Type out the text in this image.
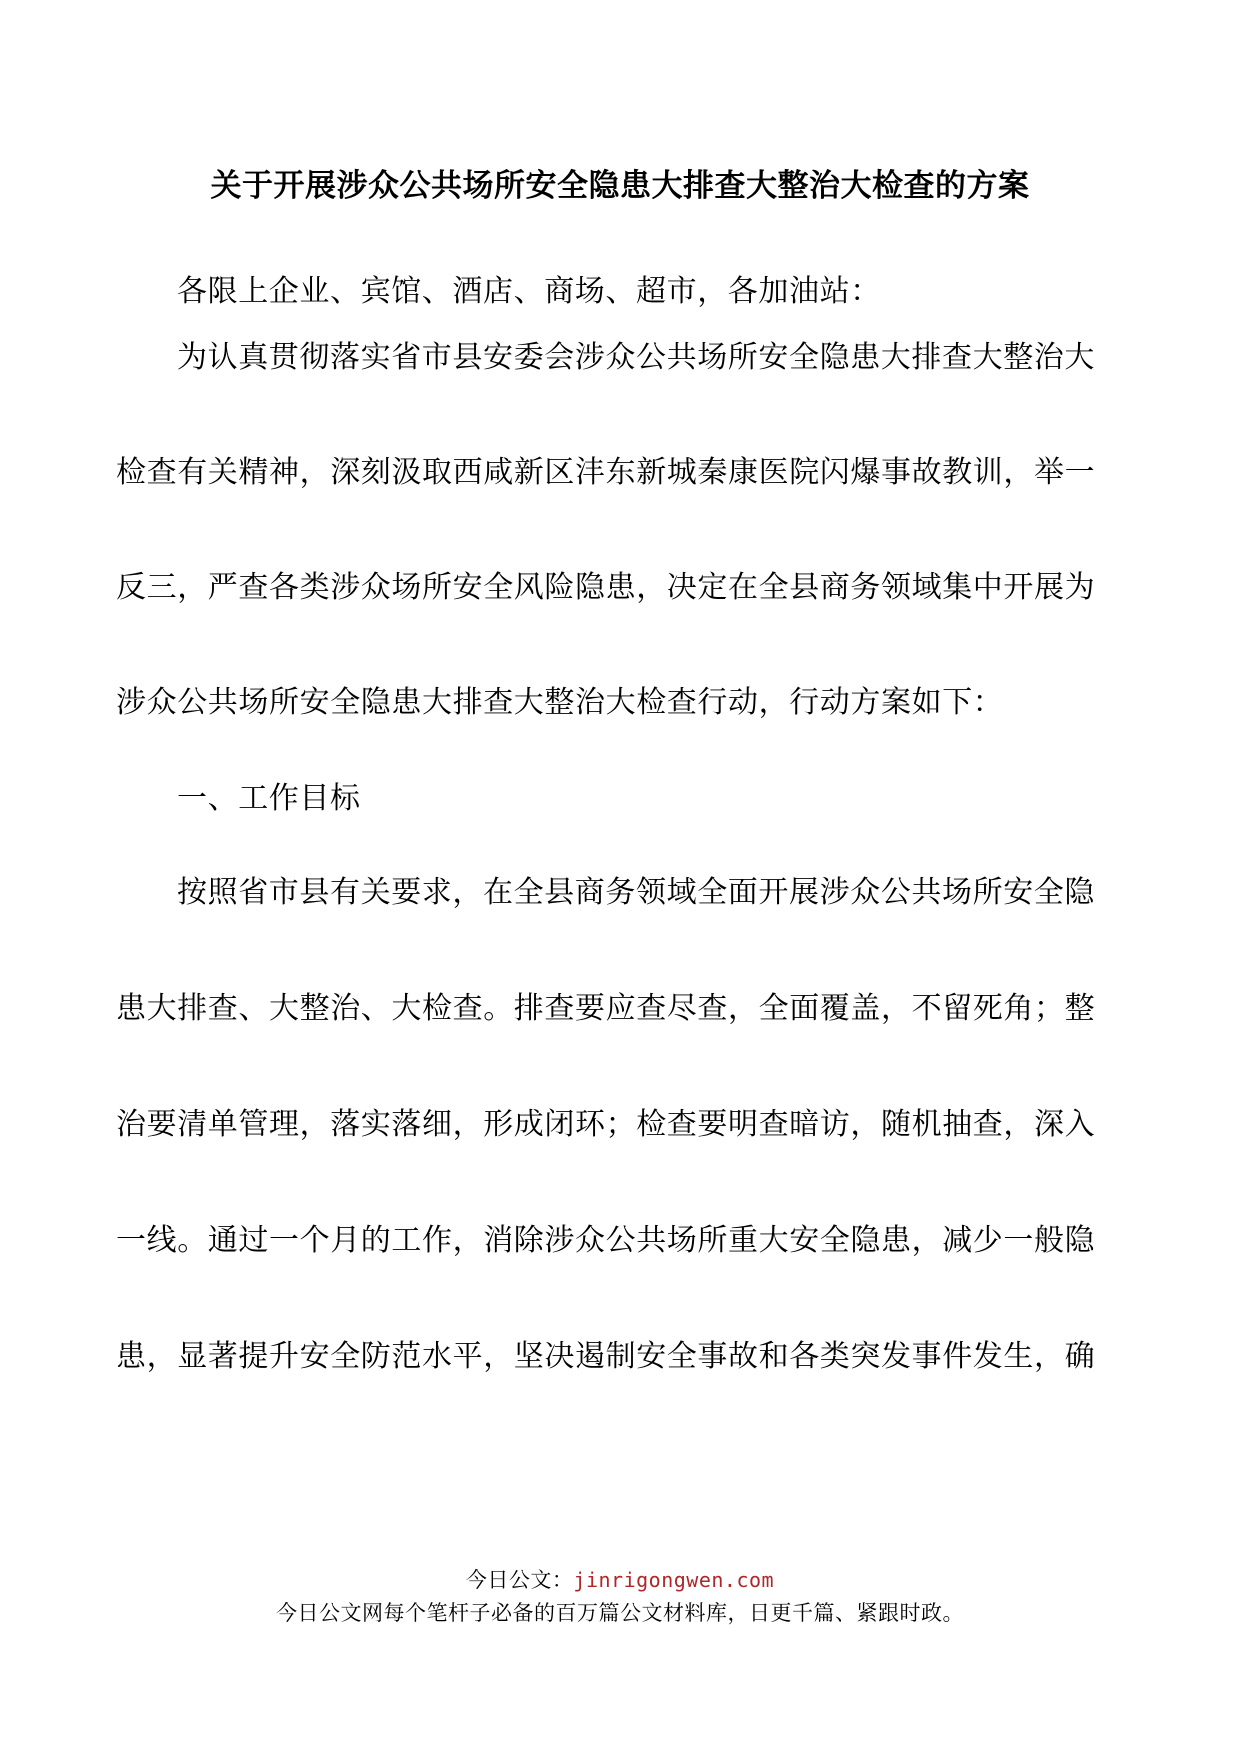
关于开展涉众公共场所安全隐患大排查大整治大检查的方案
各限上企业、宾馆、酒店、商场、超市，各加油站：
为认真贯彻落实省市县安委会涉众公共场所安全隐患大排查大整治大
检查有关精神，深刻汲取西咸新区沣东新城秦康医院闪爆事故教训，举一
反三，严查各类涉众场所安全风险隐患，决定在全县商务领域集中开展为
涉众公共场所安全隐患大排查大整治大检查行动，行动方案如下：
一、工作目标
按照省市县有关要求，在全县商务领域全面开展涉众公共场所安全隐
患大排查、大整治、大检查。排查要应查尽查，全面覆盖，不留死角；整
治要清单管理，落实落细，形成闭环；检查要明查暗访，随机抽查，深入
一线。通过一个月的工作，消除涉众公共场所重大安全隐患，减少一般隐
患，显著提升安全防范水平，坚决遏制安全事故和各类突发事件发生，确
今日公文：jinrigongwen.com
今日公文网每个笔杆子必备的百万篇公文材料库，日更千篇、紧跟时政。
